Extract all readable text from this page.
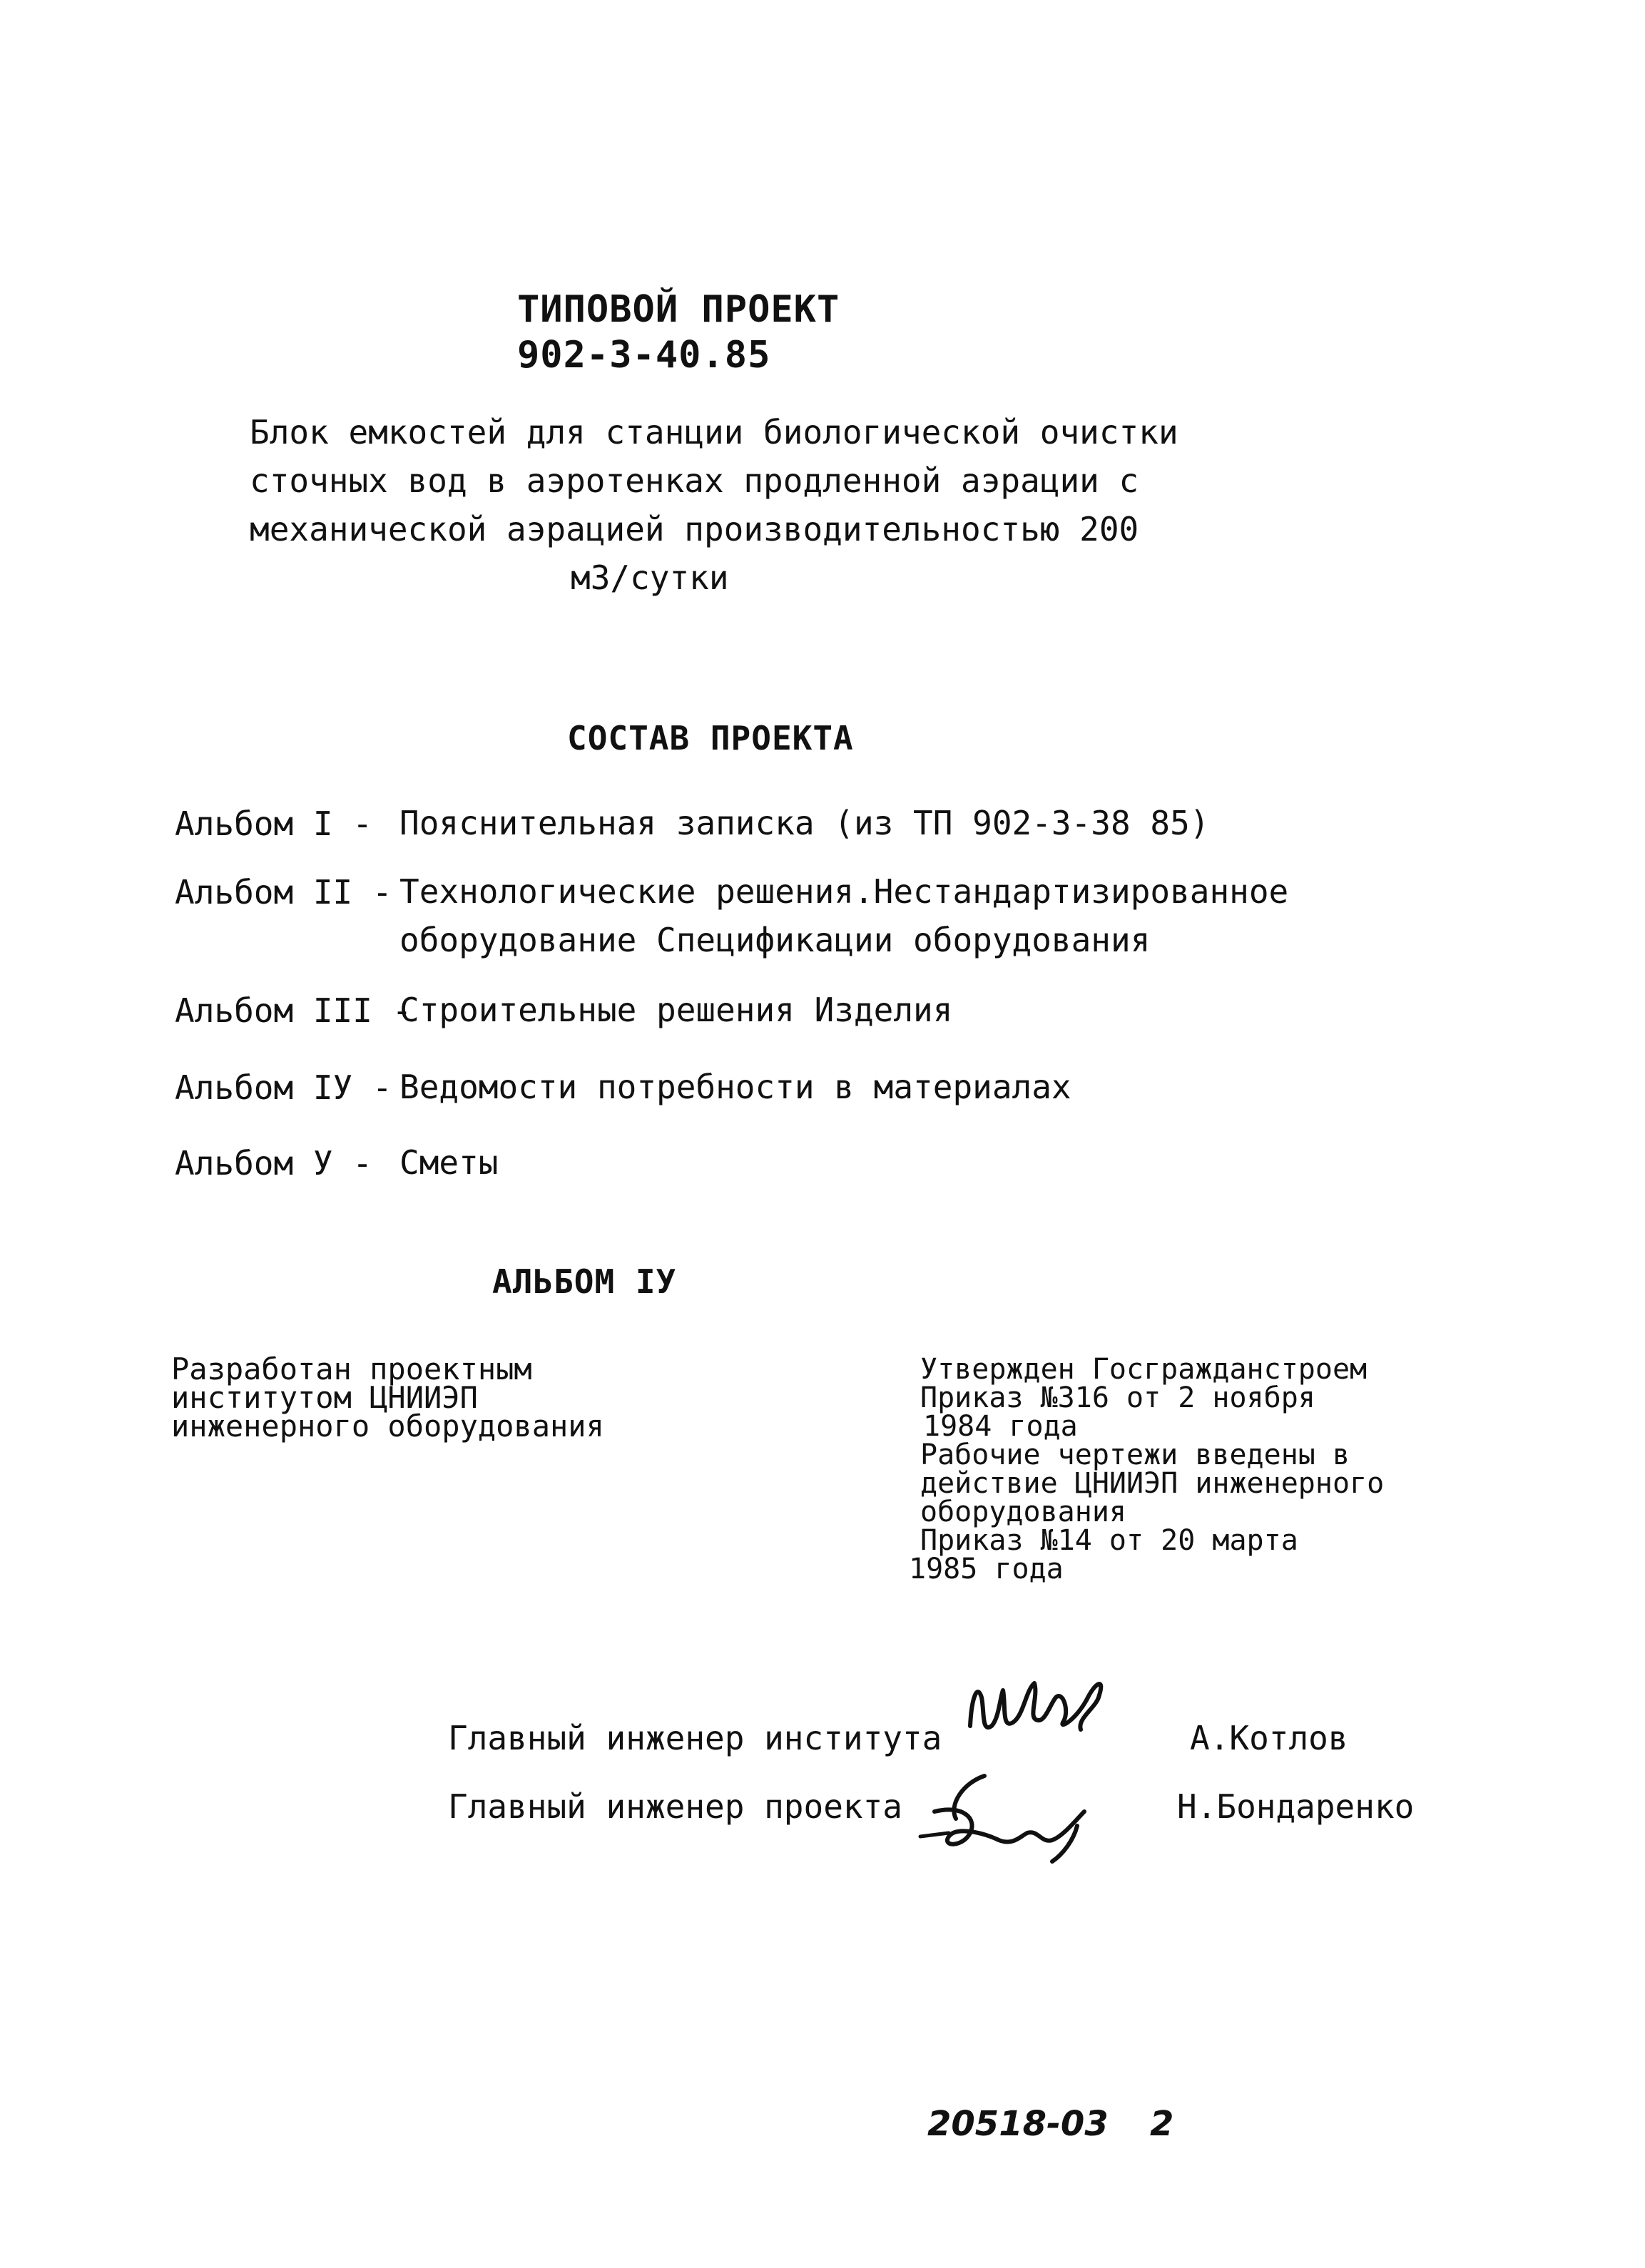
ТИПОВОЙ ПРОЕКТ
902-3-40.85
Блок емкостей для станции биологической очистки
сточных вод в аэротенках продленной аэрации с
механической аэрацией производительностью 200
м3/сутки
СОСТАВ ПРОЕКТА
Альбом I - Пояснительная записка (из ТП 902-3-38 85)
Альбом II - Технологические решения.Нестандартизированное
оборудование Спецификации оборудования
Альбом III -
Строительные решения Изделия
Альбом IУ - Ведомости потребности в материалах
Альбом У - Сметы
АЛЬБОМ IУ
Разработан проектным
институтом ЦНИИЭП
инженерного оборудования
Утвержден Госгражданстроем
Приказ №316 от 2 ноября
1984 года
Рабочие чертежи введены в
действие ЦНИИЭП инженерного
оборудования
Приказ №14 от 20 марта
1985 года
Главный инженер института	А.Котлов
Главный инженер проекта	Н.Бондаренко
20518-03 2
